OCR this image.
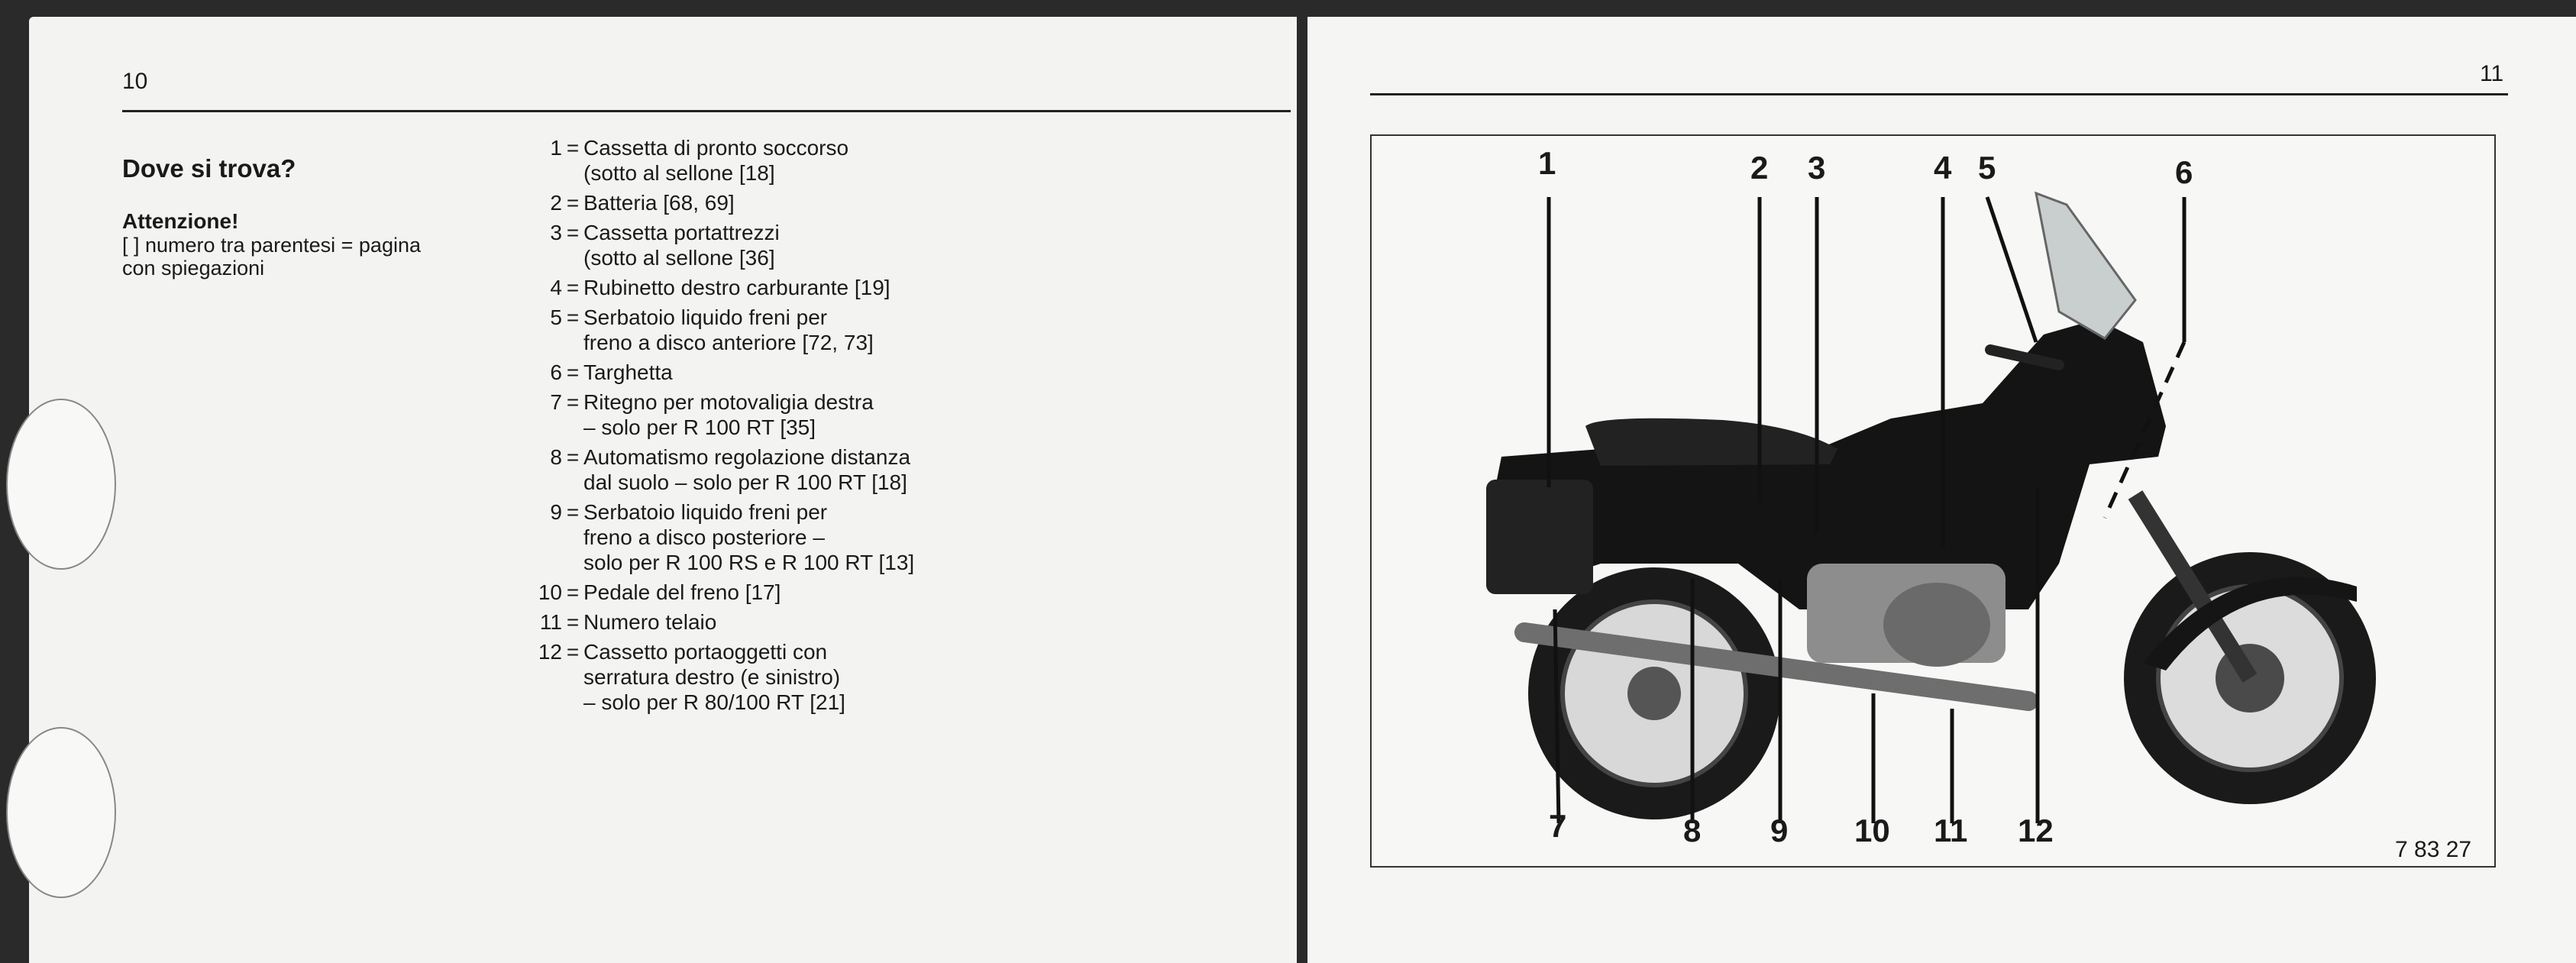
10
Dove si trova?
Attenzione!
[ ] numero tra parentesi = pagina con spiegazioni
1 = Cassetta di pronto soccorso
(sotto al sellone [18]
2 = Batteria [68, 69]
3 = Cassetta portattrezzi
(sotto al sellone [36]
4 = Rubinetto destro carburante [19]
5 = Serbatoio liquido freni per
freno a disco anteriore [72, 73]
6 = Targhetta
7 = Ritegno per motovaligia destra
– solo per R 100 RT [35]
8 = Automatismo regolazione distanza
dal suolo – solo per R 100 RT [18]
9 = Serbatoio liquido freni per
freno a disco posteriore –
solo per R 100 RS e R 100 RT [13]
10 = Pedale del freno [17]
11 = Numero telaio
12 = Cassetto portaoggetti con
serratura destro (e sinistro)
– solo per R 80/100 RT [21]
11
1	2 3	4 5	6
7	8 9 10 11 12
7 83 27
